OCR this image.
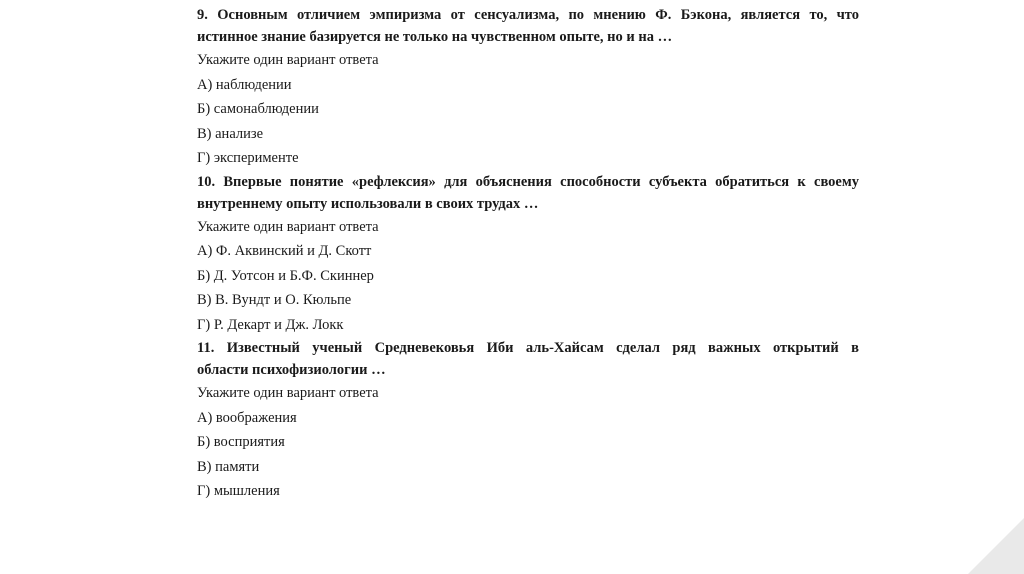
9. Основным отличием эмпиризма от сенсуализма, по мнению Ф. Бэкона, является то, что
истинное знание базируется не только на чувственном опыте, но и на …

Укажите один вариант ответа

А) наблюдении

Б) самонаблюдении

В) анализе

Г) эксперименте

10. Впервые понятие «рефлексия» для объяснения способности субъекта обратиться к своему
внутреннему опыту использовали в своих трудах …

Укажите один вариант ответа

А) Ф. Аквинский и Д. Скотт

Б) Д. Уотсон и Б.Ф. Скиннер

В) В. Вундт и О. Кюльпе

Г) Р. Декарт и Дж. Локк

11. Известный ученый Средневековья Иби аль-Хайсам сделал ряд важных открытий в
области психофизиологии …

Укажите один вариант ответа

А) воображения

Б) восприятия

В) памяти

Г) мышления
